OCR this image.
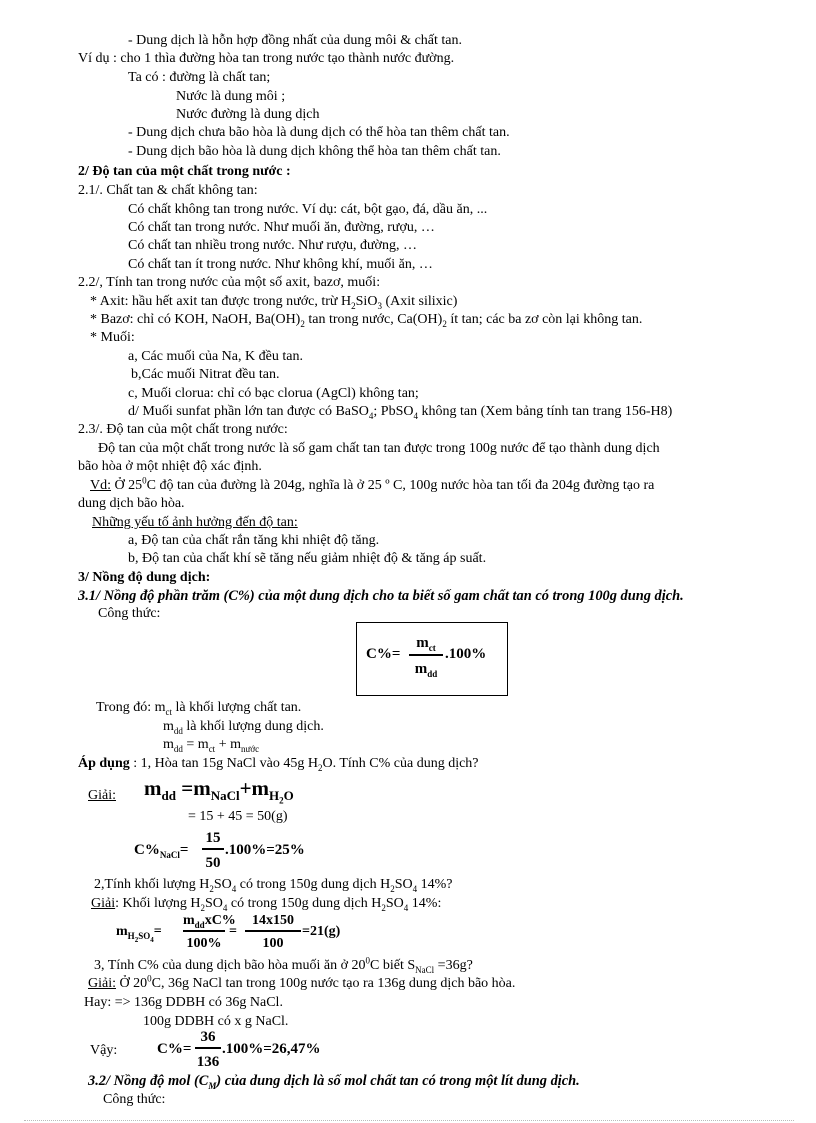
- Dung dịch là hỗn hợp đồng nhất của dung môi & chất tan.
Ví dụ : cho 1 thìa đường hòa tan trong nước tạo thành nước đường.
Ta có : đường là chất tan;
Nước là dung môi ;
Nước đường là dung dịch
- Dung dịch chưa bão hòa là dung dịch có thể hòa tan thêm chất tan.
- Dung dịch bão hòa là dung dịch không thể hòa tan thêm chất tan.
2/ Độ tan của một chất trong nước :
2.1/. Chất tan & chất không tan:
Có chất không tan trong nước. Ví dụ: cát, bột gạo, đá, dầu ăn, ...
Có chất tan trong nước. Như muối ăn, đường, rượu, …
Có chất tan nhiều trong nước. Như rượu, đường, …
Có chất tan ít trong nước. Như không khí, muối ăn, …
2.2/, Tính tan trong nước của một số axit, bazơ, muối:
* Axit: hầu hết axit tan được trong nước, trừ $H_2SiO_3$ (Axit silixic)
* Bazơ: chỉ có KOH, NaOH, $Ba(OH)_2$ tan trong nước, $Ca(OH)_2$ ít tan; các ba zơ còn lại không tan.
* Muối:
a, Các muối của Na, K đều tan.
b,Các muối Nitrat đều tan.
c, Muối clorua: chỉ có bạc clorua (AgCl) không tan;
d/ Muối sunfat phần lớn tan được có BaSO$_4$; PbSO$_4$ không tan (Xem bảng tính tan trang 156-H8)
2.3/. Độ tan của một chất trong nước:
Độ tan của một chất trong nước là số gam chất tan tan được trong 100g nước để tạo thành dung dịch
bão hòa ở một nhiệt độ xác định.
Vd: Ở $25^0C$ độ tan của đường là 204g, nghĩa là ở 25 º C, 100g nước hòa tan tối đa 204g đường tạo ra
dung dịch bão hòa.
Những yếu tố ảnh hưởng đến độ tan:
a, Độ tan của chất rắn tăng khi nhiệt độ tăng.
b, Độ tan của chất khí sẽ tăng nếu giảm nhiệt độ & tăng áp suất.
3/ Nồng độ dung dịch:
3.1/ Nồng độ phần trăm (C%) của một dung dịch cho ta biết số gam chất tan có trong 100g dung dịch.
Công thức:
C%=
$m_{ct}$
$m_{dd}$
.100%
Trong đó: $m_{ct}$ là khối lượng chất tan.
$m_{dd}$ là khối lượng dung dịch.
$m_{dd} = m_{ct} + m_{nước}$
Áp dụng : 1, Hòa tan 15g NaCl vào 45g $H_2O$. Tính C% của dung dịch?
Giải: $m_{dd} =m_{NaCl}+m_{H_2O}$
= 15 + 45 = 50(g)
$C\%_{NaCl}=$
15
50
.100%=25%
2,Tính khối lượng $H_2SO_4$ có trong 150g dung dịch $H_2SO_4$ 14%?
Giải: Khối lượng $H_2SO_4$ có trong 150g dung dịch $H_2SO_4$ 14%:
$m_{H_2SO_4}=$
$m_{dd}xC\%$
100%
=
14x150
100
=21(g)
3, Tính C% của dung dịch bão hòa muối ăn ở $20^0C$ biết $S_{NaCl} =36g$?
Giải: Ở $20^0C$, 36g NaCl tan trong 100g nước tạo ra 136g dung dịch bão hòa.
Hay: => 136g DDBH có 36g NaCl.
100g DDBH có x g NaCl.
Vậy:	C%=
36
136
.100%=26,47%
3.2/ Nồng độ mol $(C_M)$ của dung dịch là số mol chất tan có trong một lít dung dịch.
Công thức:
